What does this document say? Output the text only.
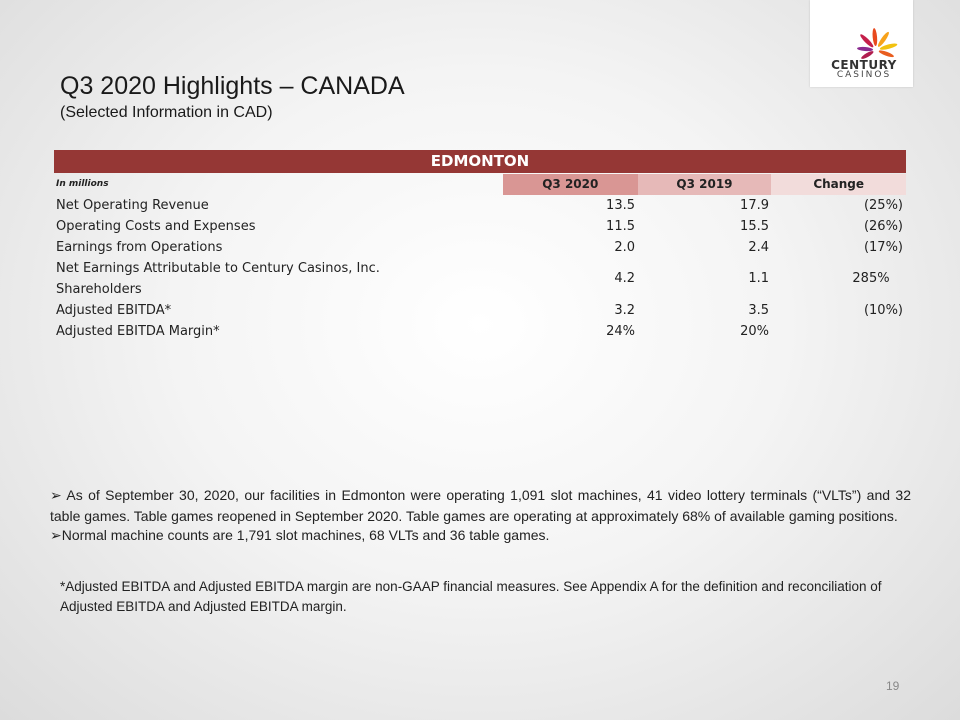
CENTURY
CASINOS
Q3 2020 Highlights – CANADA
(Selected Information in CAD)
EDMONTON
In millions	Q3 2020	Q3 2019	Change
Net Operating Revenue	13.5	17.9	(25%)
Operating Costs and Expenses	11.5	15.5	(26%)
Earnings from Operations	2.0	2.4	(17%)
Net Earnings Attributable to Century Casinos, Inc.
Shareholders
4.2	1.1	285%
Adjusted EBITDA*	3.2	3.5	(10%)
Adjusted EBITDA Margin*	24%	20%

➢ As of September 30, 2020, our facilities in Edmonton were operating 1,091 slot machines, 41 video lottery terminals (“VLTs”) and 32 table games. Table games reopened in September 2020. Table games are operating at approximately 68% of available gaming positions.

➢Normal machine counts are 1,791 slot machines, 68 VLTs and 36 table games.

*Adjusted EBITDA and Adjusted EBITDA margin are non-GAAP financial measures. See Appendix A for the definition and reconciliation of Adjusted EBITDA and Adjusted EBITDA margin.
19
